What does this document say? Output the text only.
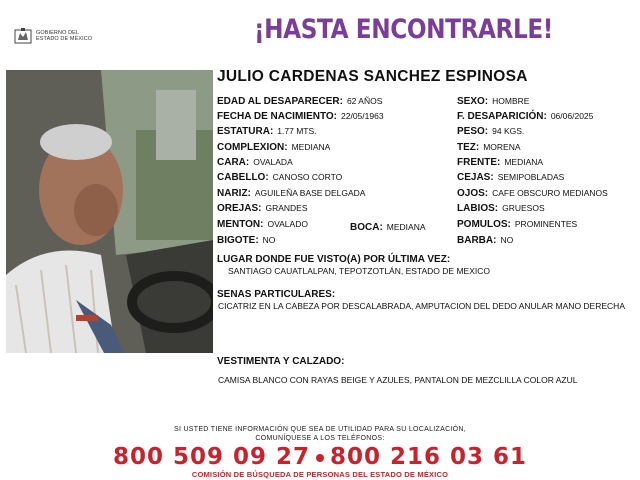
GOBIERNO DEL
ESTADO DE MÉXICO	¡HASTA ENCONTRARLE!
JULIO CARDENAS SANCHEZ ESPINOSA
EDAD AL DESAPARECER: 62 AÑOS
FECHA DE NACIMIENTO: 22/05/1963
ESTATURA: 1.77 MTS.
COMPLEXION: MEDIANA
CARA: OVALADA
CABELLO: CANOSO CORTO
NARIZ: AGUILEÑA BASE DELGADA
OREJAS: GRANDES
MENTON: OVALADO	BOCA: MEDIANA
BIGOTE: NO
SEXO: HOMBRE
F. DESAPARICIÓN: 06/06/2025
PESO: 94 KGS.
TEZ: MORENA
FRENTE: MEDIANA
CEJAS: SEMIPOBLADAS
OJOS: CAFE OBSCURO MEDIANOS
LABIOS: GRUESOS
POMULOS: PROMINENTES
BARBA: NO
LUGAR DONDE FUE VISTO(A) POR ÚLTIMA VEZ:
SANTIAGO CAUATLALPAN, TEPOTZOTLÁN, ESTADO DE MEXICO
SENAS PARTICULARES:
CICATRIZ EN LA CABEZA POR DESCALABRADA, AMPUTACION DEL DEDO ANULAR MANO DERECHA
VESTIMENTA Y CALZADO:
CAMISA BLANCO CON RAYAS BEIGE Y AZULES, PANTALON DE MEZCLILLA COLOR AZUL
SI USTED TIENE INFORMACIÓN QUE SEA DE UTILIDAD PARA SU LOCALIZACIÓN,
COMUNÍQUESE A LOS TELÉFONOS:
800 509 09 27 800 216 03 61
COMISIÓN DE BÚSQUEDA DE PERSONAS DEL ESTADO DE MÉXICO
